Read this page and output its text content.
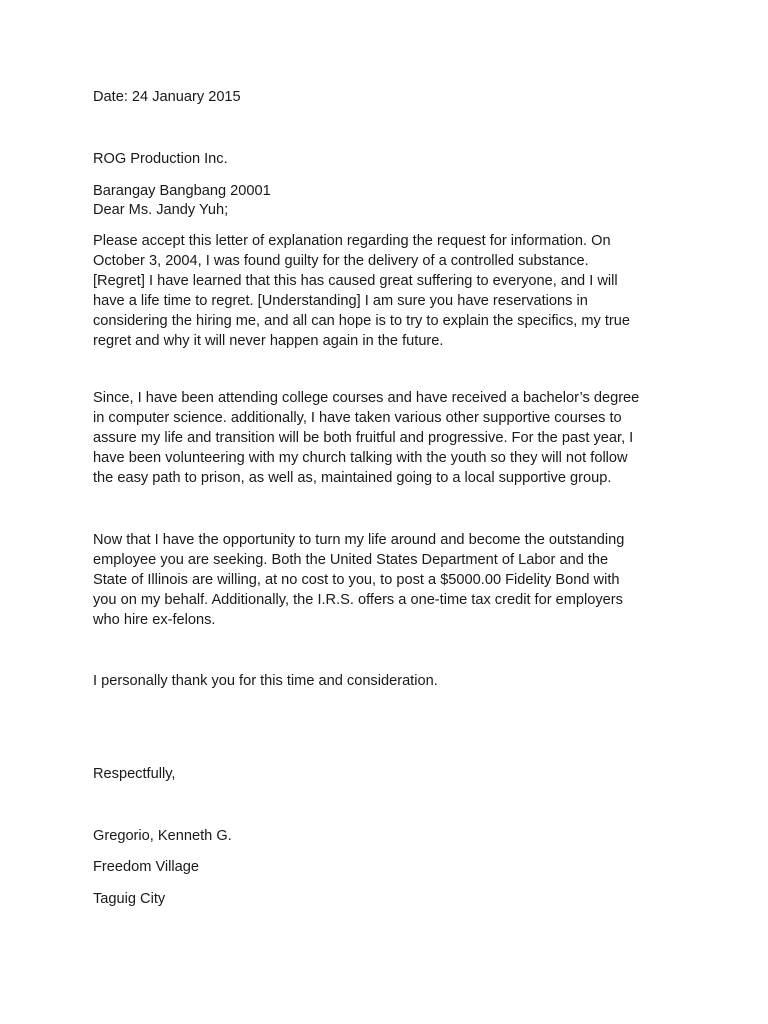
Date: 24 January 2015
ROG Production Inc.
Barangay Bangbang 20001
Dear Ms. Jandy Yuh;
Please accept this letter of explanation regarding the request for information. On
October 3, 2004, I was found guilty for the delivery of a controlled substance.
[Regret] I have learned that this has caused great suffering to everyone, and I will
have a life time to regret. [Understanding] I am sure you have reservations in
considering the hiring me, and all can hope is to try to explain the specifics, my true
regret and why it will never happen again in the future.
Since, I have been attending college courses and have received a bachelor’s degree
in computer science. additionally, I have taken various other supportive courses to
assure my life and transition will be both fruitful and progressive. For the past year, I
have been volunteering with my church talking with the youth so they will not follow
the easy path to prison, as well as, maintained going to a local supportive group.
Now that I have the opportunity to turn my life around and become the outstanding
employee you are seeking. Both the United States Department of Labor and the
State of Illinois are willing, at no cost to you, to post a $5000.00 Fidelity Bond with
you on my behalf. Additionally, the I.R.S. offers a one-time tax credit for employers
who hire ex-felons.
I personally thank you for this time and consideration.
Respectfully,
Gregorio, Kenneth G.
Freedom Village
Taguig City
